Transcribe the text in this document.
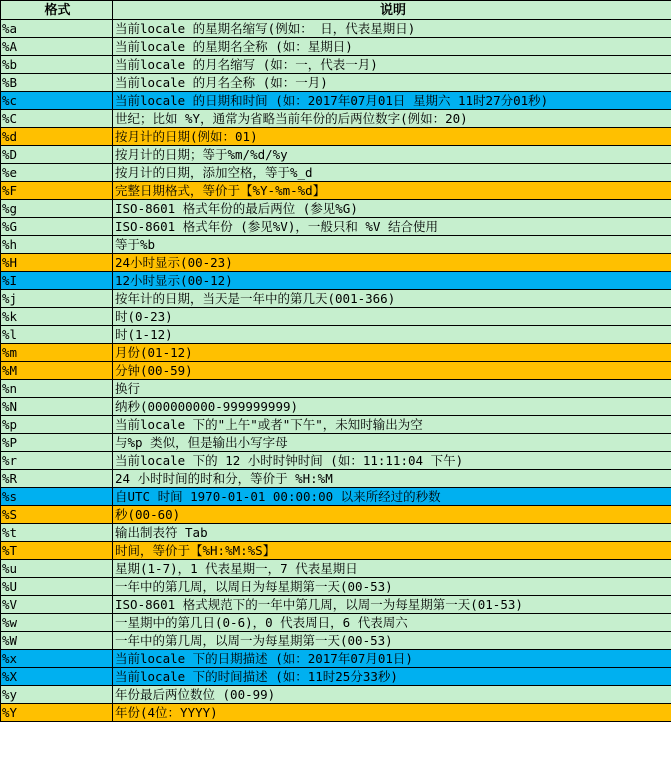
格式	说明
%a	当前locale 的星期名缩写(例如： 日，代表星期日)
%A	当前locale 的星期名全称 (如：星期日)
%b	当前locale 的月名缩写 (如：一，代表一月)
%B	当前locale 的月名全称 (如：一月)
%c	当前locale 的日期和时间 (如：2017年07月01日 星期六 11时27分01秒)
%C	世纪；比如 %Y，通常为省略当前年份的后两位数字(例如：20)
%d	按月计的日期(例如：01)
%D	按月计的日期；等于%m/%d/%y
%e	按月计的日期，添加空格，等于%_d
%F	完整日期格式，等价于【%Y-%m-%d】
%g	ISO-8601 格式年份的最后两位 (参见%G)
%G	ISO-8601 格式年份 (参见%V)，一般只和 %V 结合使用
%h	等于%b
%H	24小时显示(00-23)
%I	12小时显示(00-12)
%j	按年计的日期，当天是一年中的第几天(001-366)
%k	时(0-23)
%l	时(1-12)
%m	月份(01-12)
%M	分钟(00-59)
%n	换行
%N	纳秒(000000000-999999999)
%p	当前locale 下的"上午"或者"下午"，未知时输出为空
%P	与%p 类似，但是输出小写字母
%r	当前locale 下的 12 小时时钟时间 (如：11:11:04 下午)
%R	24 小时时间的时和分，等价于 %H:%M
%s	自UTC 时间 1970-01-01 00:00:00 以来所经过的秒数
%S	秒(00-60)
%t	输出制表符 Tab
%T	时间，等价于【%H:%M:%S】
%u	星期(1-7)，1 代表星期一，7 代表星期日
%U	一年中的第几周，以周日为每星期第一天(00-53)
%V	ISO-8601 格式规范下的一年中第几周，以周一为每星期第一天(01-53)
%w	一星期中的第几日(0-6)，0 代表周日，6 代表周六
%W	一年中的第几周，以周一为每星期第一天(00-53)
%x	当前locale 下的日期描述 (如：2017年07月01日)
%X	当前locale 下的时间描述 (如：11时25分33秒)
%y	年份最后两位数位 (00-99)
%Y	年份(4位：YYYY)
